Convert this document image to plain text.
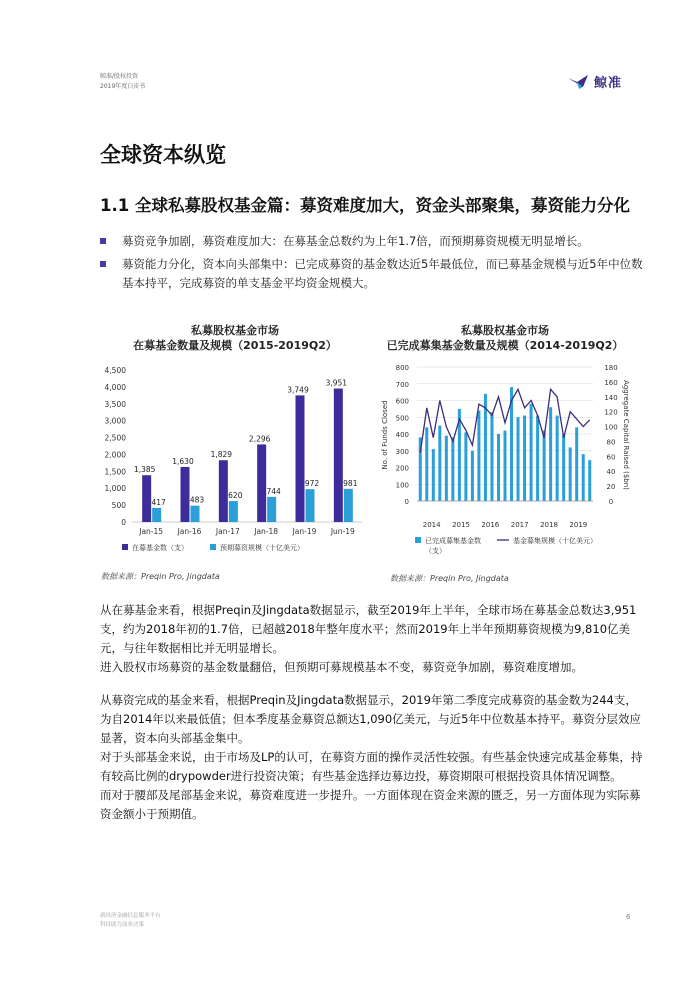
鲸准/股权投资
2019年度白皮书	鲸准
全球资本纵览
1.1 全球私募股权基金篇：募资难度加大，资金头部聚集，募资能力分化
募资竞争加剧，募资难度加大：在募基金总数约为上年1.7倍，而预期募资规模无明显增长。
募资能力分化，资本向头部集中：已完成募资的基金数达近5年最低位，而已募基金规模与近5年中位数基本持平，完成募资的单支基金平均资金规模大。
私募股权基金市场
在募基金数量及规模（2015-2019Q2）
0
500
1,000
1,500
2,000
2,500
3,000
3,500
4,000
4,500
Jan-15
1,385
417
Jan-16
1,630
483
Jan-17
1,829
620
Jan-18
2,296
744
Jan-19
3,749
972
Jun-19
3,951
981
在募基金数（支）	预期募资规模（十亿美元）
数据来源：Preqin Pro, Jingdata
私募股权基金市场
已完成募集基金数量及规模（2014-2019Q2）
0
100
200
300
400
500
600
700
800
0
20
40
60
80
100
120
140
160
180
No. of Funds Closed	Aggregate Capital Raised ($bn)
2014 2015 2016 2017 2018 2019
已完成募集基金数
（支）
基金募集规模（十亿美元）
数据来源：Preqin Pro, Jingdata

从在募基金来看，根据Preqin及Jingdata数据显示，截至2019年上半年，全球市场在募基金总数达3,951支，约为2018年初的1.7倍，已超越2018年整年度水平；然而2019年上半年预期募资规模为9,810亿美元，与往年数据相比并无明显增长。

进入股权市场募资的基金数量翻倍，但预期可募规模基本不变，募资竞争加剧，募资难度增加。

从募资完成的基金来看，根据Preqin及Jingdata数据显示，2019年第二季度完成募资的基金数为244支，为自2014年以来最低值；但本季度基金募资总额达1,090亿美元，与近5年中位数基本持平。募资分层效应显著，资本向头部基金集中。

对于头部基金来说，由于市场及LP的认可，在募资方面的操作灵活性较强。有些基金快速完成基金募集，持有较高比例的drypowder进行投资决策；有些基金选择边募边投，募资期限可根据投资具体情况调整。

而对于腰部及尾部基金来说，募资难度进一步提升。一方面体现在资金来源的匮乏，另一方面体现为实际募资金额小于预期值。

新经济金融信息服务平台
科技助力商业决策
6
